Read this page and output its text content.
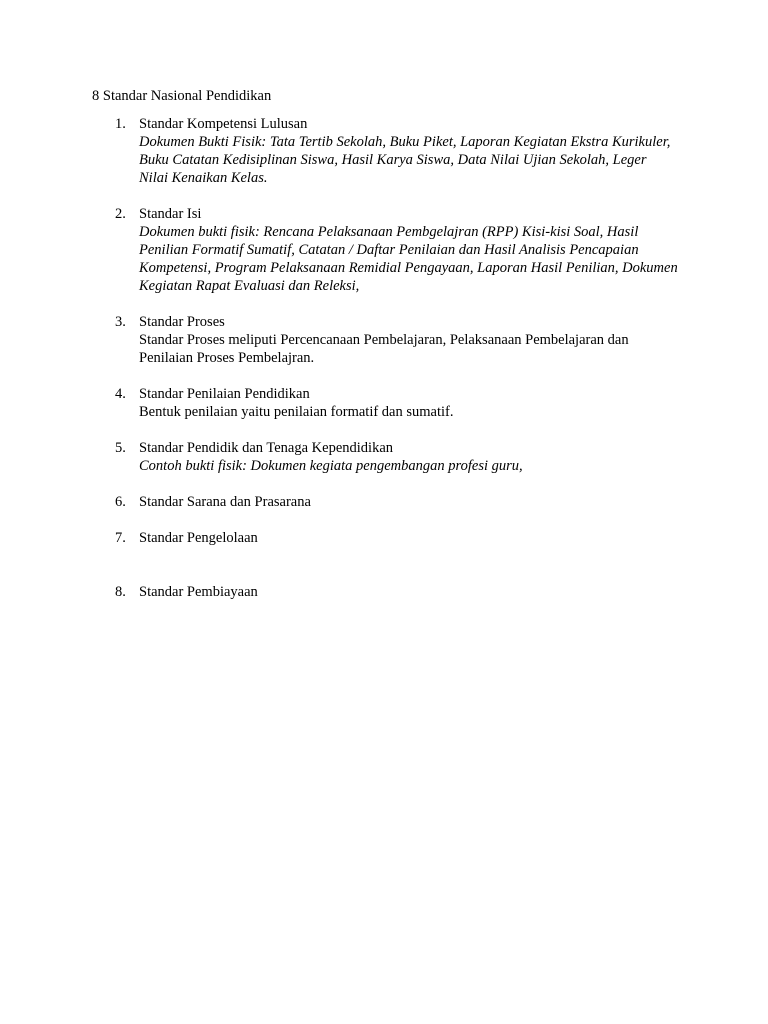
8 Standar Nasional Pendidikan
1. Standar Kompetensi Lulusan
Dokumen Bukti Fisik: Tata Tertib Sekolah, Buku Piket, Laporan Kegiatan Ekstra Kurikuler, Buku Catatan Kedisiplinan Siswa, Hasil Karya Siswa, Data Nilai Ujian Sekolah, Leger Nilai Kenaikan Kelas.
2. Standar Isi
Dokumen bukti fisik: Rencana Pelaksanaan Pembgelajran (RPP) Kisi-kisi Soal, Hasil Penilian Formatif Sumatif, Catatan / Daftar Penilaian dan Hasil Analisis Pencapaian Kompetensi, Program Pelaksanaan Remidial Pengayaan, Laporan Hasil Penilian, Dokumen Kegiatan Rapat Evaluasi dan Releksi,
3. Standar Proses
Standar Proses meliputi Percencanaan Pembelajaran, Pelaksanaan Pembelajaran dan Penilaian Proses Pembelajran.
4. Standar Penilaian Pendidikan
Bentuk penilaian yaitu penilaian formatif dan sumatif.
5. Standar Pendidik dan Tenaga Kependidikan
Contoh bukti fisik: Dokumen kegiata pengembangan profesi guru,
6. Standar Sarana dan Prasarana
7. Standar Pengelolaan
8. Standar Pembiayaan
